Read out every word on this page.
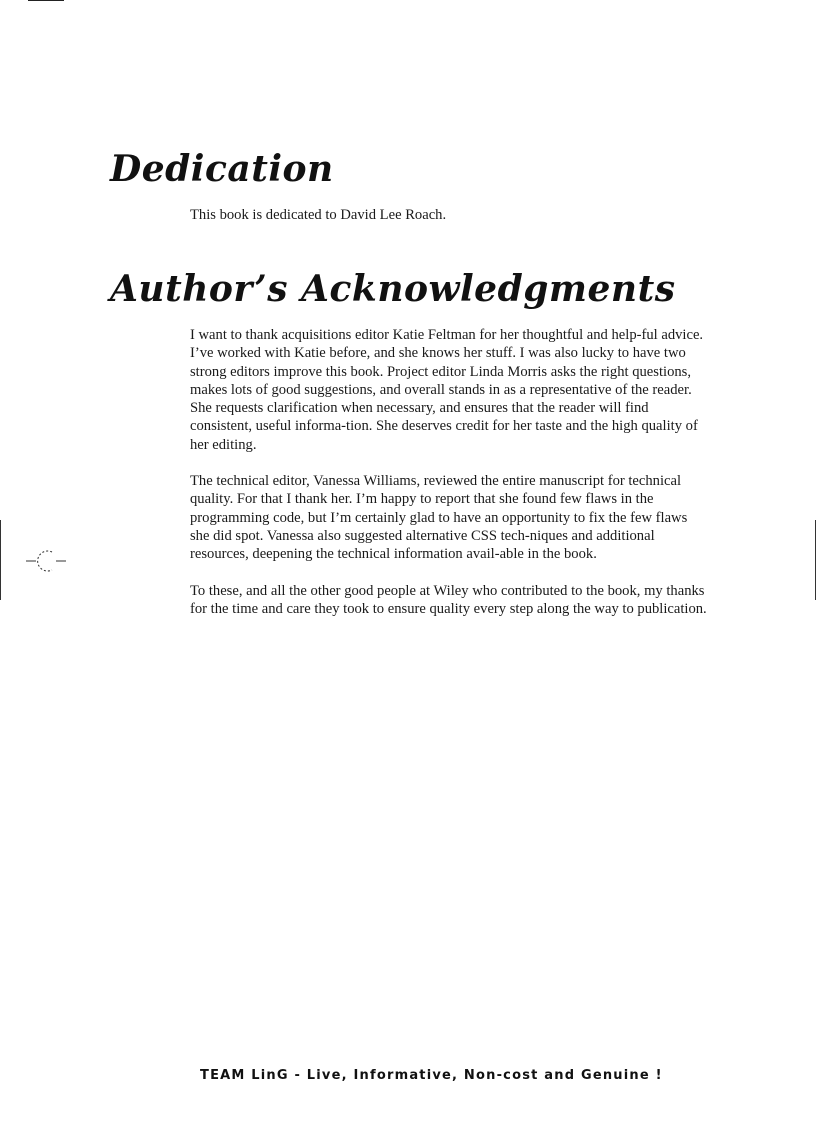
Dedication

This book is dedicated to David Lee Roach.

Author’s Acknowledgments

I want to thank acquisitions editor Katie Feltman for her thoughtful and help-ful advice. I’ve worked with Katie before, and she knows her stuff. I was also lucky to have two strong editors improve this book. Project editor Linda Morris asks the right questions, makes lots of good suggestions, and overall stands in as a representative of the reader. She requests clarification when necessary, and ensures that the reader will find consistent, useful informa-tion. She deserves credit for her taste and the high quality of her editing.

The technical editor, Vanessa Williams, reviewed the entire manuscript for technical quality. For that I thank her. I’m happy to report that she found few flaws in the programming code, but I’m certainly glad to have an opportunity to fix the few flaws she did spot. Vanessa also suggested alternative CSS tech-niques and additional resources, deepening the technical information avail-able in the book.

To these, and all the other good people at Wiley who contributed to the book, my thanks for the time and care they took to ensure quality every step along the way to publication.

TEAM LinG - Live, Informative, Non-cost and Genuine !
